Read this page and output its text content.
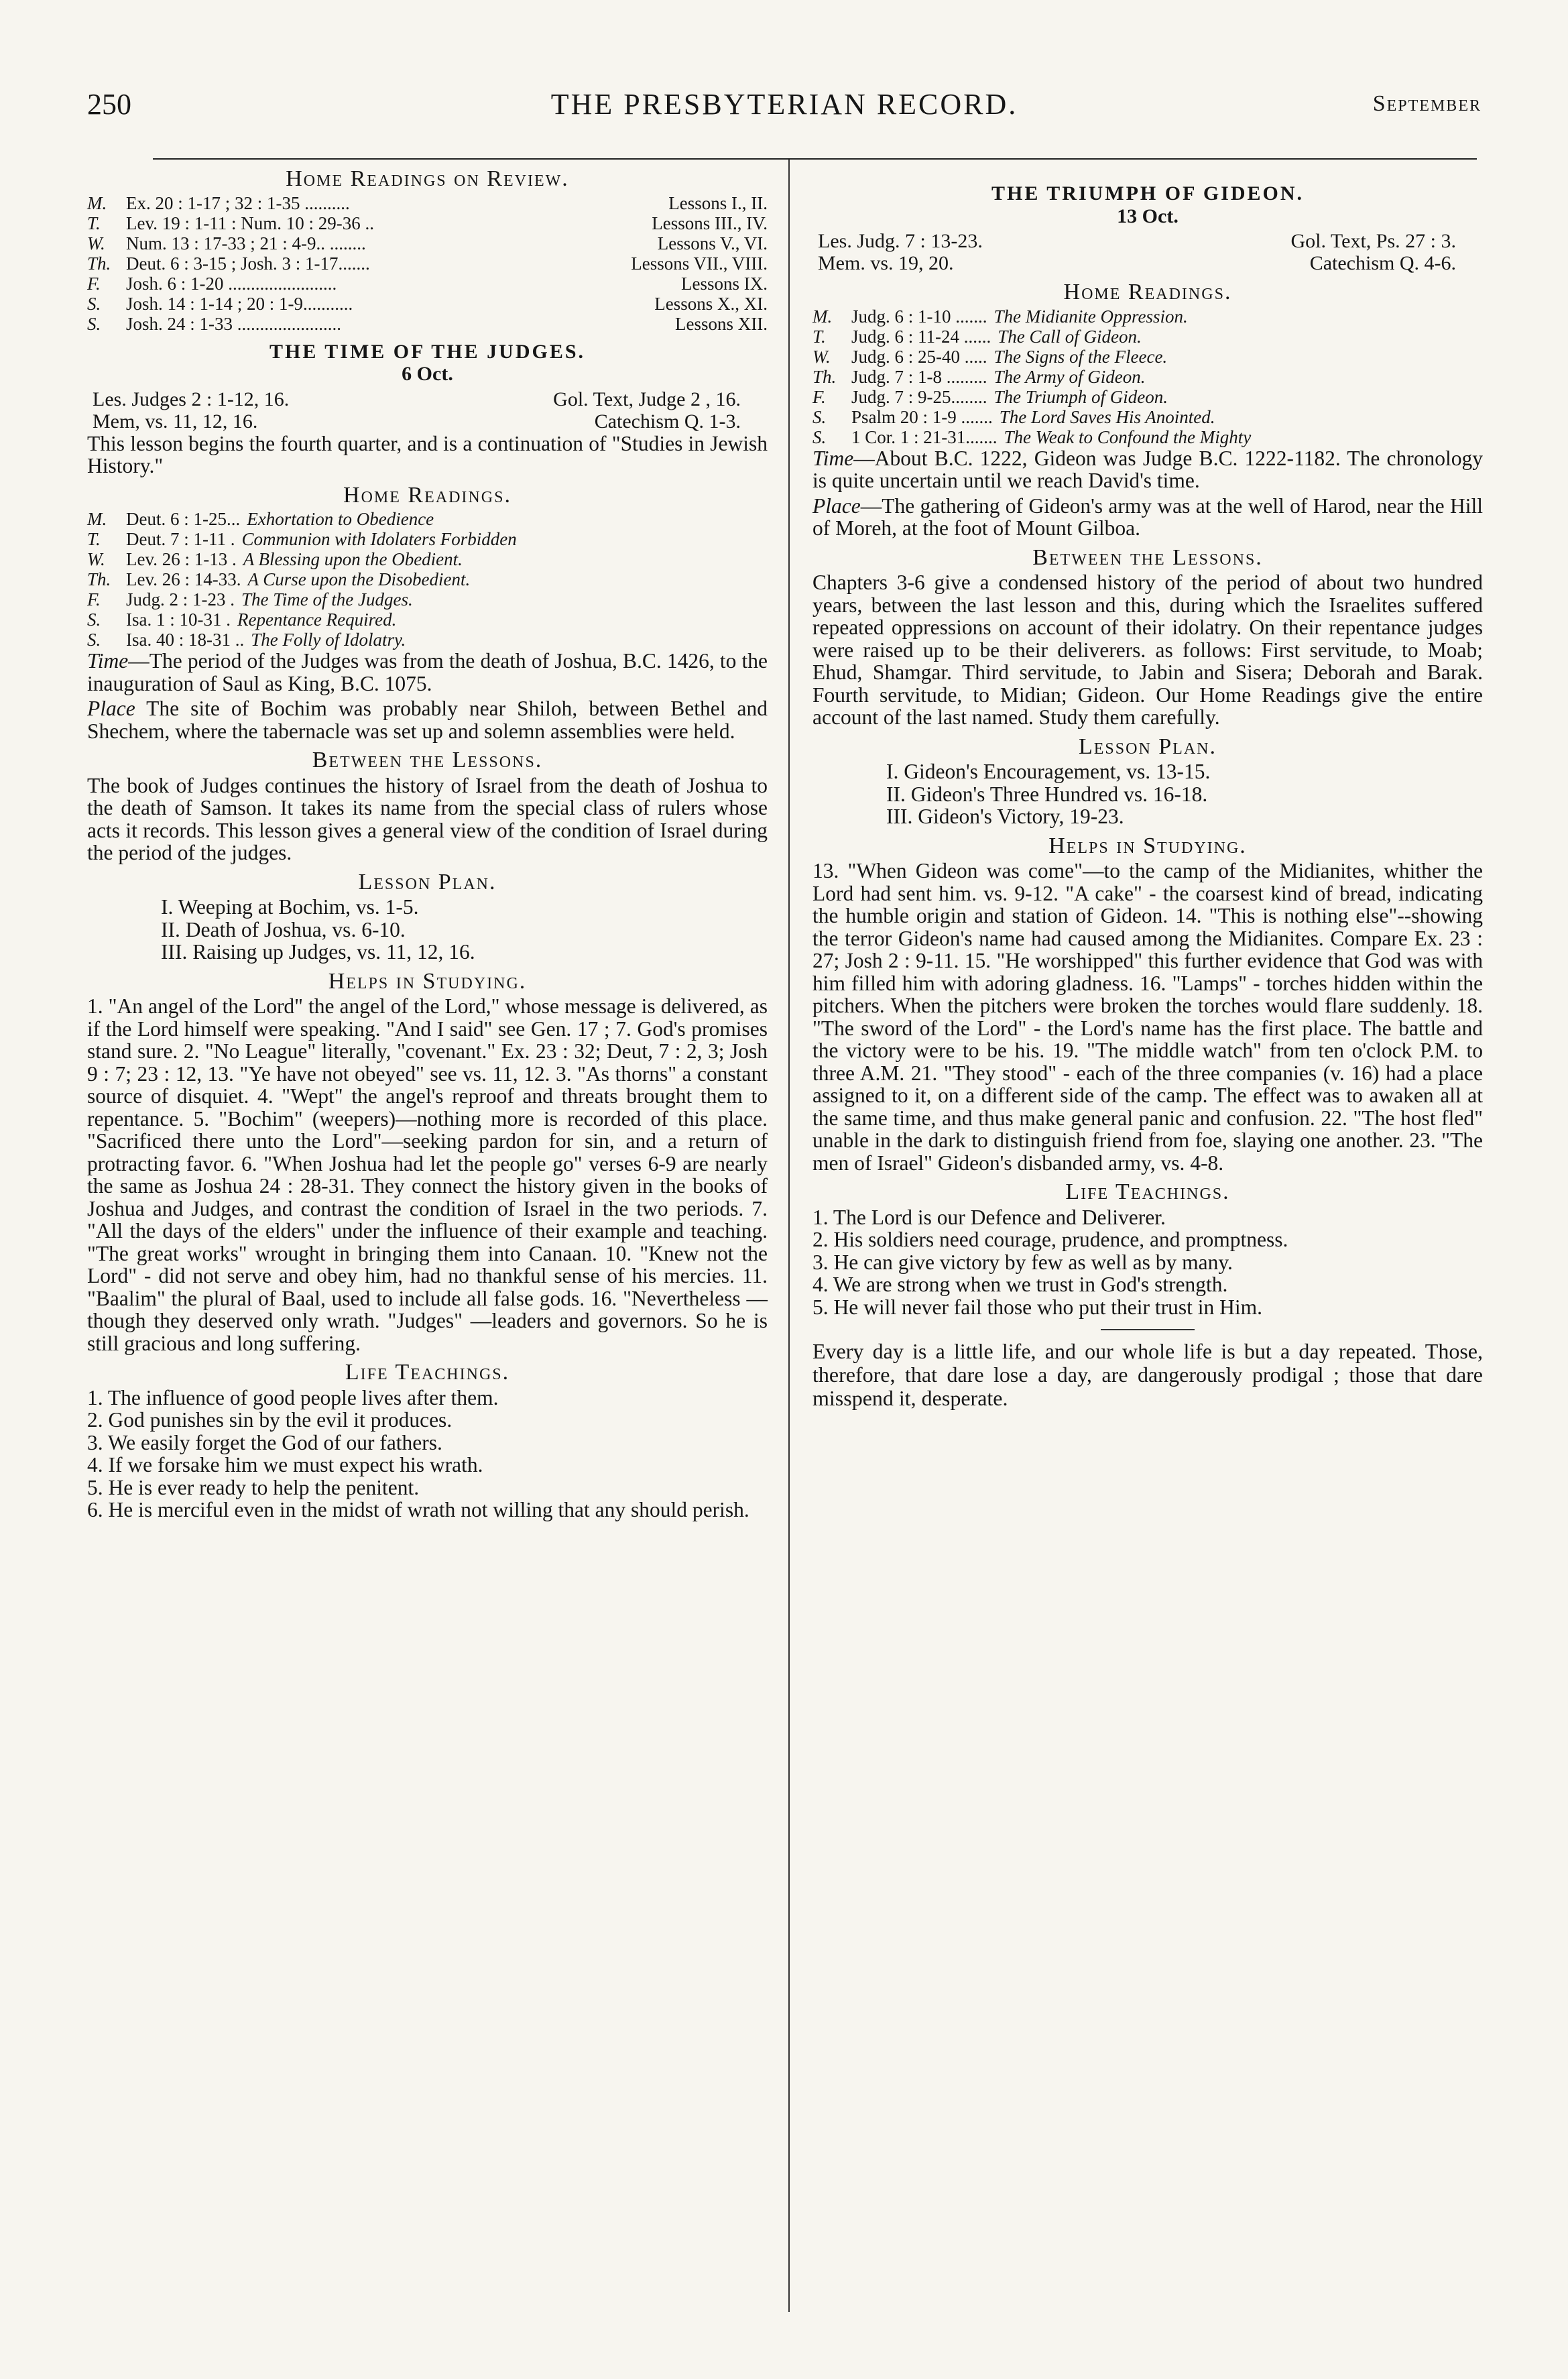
250	THE PRESBYTERIAN RECORD.	September
Home Readings on Review.
M.	Ex. 20 : 1-17 ; 32 : 1-35 ..........	Lessons I., II.
T.	Lev. 19 : 1-11 : Num. 10 : 29-36 ..	Lessons III., IV.
W.	Num. 13 : 17-33 ; 21 : 4-9.. ........	Lessons V., VI.
Th. Deut. 6 : 3-15 ; Josh. 3 : 1-17.......	Lessons VII., VIII.
F.	Josh. 6 : 1-20 ........................	Lessons IX.
S.	Josh. 14 : 1-14 ; 20 : 1-9...........	Lessons X., XI.
S.	Josh. 24 : 1-33 .......................	Lessons XII.
THE TIME OF THE JUDGES.
6 Oct.
Les. Judges 2 : 1-12, 16.	Gol. Text, Judge 2 , 16.
Mem, vs. 11, 12, 16.	Catechism Q. 1-3.

This lesson begins the fourth quarter, and is a continuation of "Studies in Jewish History."

Home Readings.
M.	Deut. 6 : 1-25... Exhortation to Obedience
T.	Deut. 7 : 1-11 . Communion with Idolaters Forbidden
W.	Lev. 26 : 1-13 . A Blessing upon the Obedient.
Th. Lev. 26 : 14-33. A Curse upon the Disobedient.
F.	Judg. 2 : 1-23 . The Time of the Judges.
S.	Isa. 1 : 10-31 . Repentance Required.
S.	Isa. 40 : 18-31 .. The Folly of Idolatry.

Time—The period of the Judges was from the death of Joshua, B.C. 1426, to the inauguration of Saul as King, B.C. 1075.

Place The site of Bochim was probably near Shiloh, between Bethel and Shechem, where the tabernacle was set up and solemn assemblies were held.

Between the Lessons.

The book of Judges continues the history of Israel from the death of Joshua to the death of Samson. It takes its name from the special class of rulers whose acts it records. This lesson gives a general view of the condition of Israel during the period of the judges.

Lesson Plan.
I. Weeping at Bochim, vs. 1-5.
II. Death of Joshua, vs. 6-10.
III. Raising up Judges, vs. 11, 12, 16.
Helps in Studying.

1. "An angel of the Lord" the angel of the Lord," whose message is delivered, as if the Lord himself were speaking. "And I said" see Gen. 17 ; 7. God's promises stand sure. 2. "No League" literally, "covenant." Ex. 23 : 32; Deut, 7 : 2, 3; Josh 9 : 7; 23 : 12, 13. "Ye have not obeyed" see vs. 11, 12. 3. "As thorns" a constant source of disquiet. 4. "Wept" the angel's reproof and threats brought them to repentance. 5. "Bochim" (weepers)—nothing more is recorded of this place. "Sacrificed there unto the Lord"—seeking pardon for sin, and a return of protracting favor. 6. "When Joshua had let the people go" verses 6-9 are nearly the same as Joshua 24 : 28-31. They connect the history given in the books of Joshua and Judges, and contrast the condition of Israel in the two periods. 7. "All the days of the elders" under the influence of their example and teaching. "The great works" wrought in bringing them into Canaan. 10. "Knew not the Lord" - did not serve and obey him, had no thankful sense of his mercies. 11. "Baalim" the plural of Baal, used to include all false gods. 16. "Nevertheless —though they deserved only wrath. "Judges" —leaders and governors. So he is still gracious and long suffering.

Life Teachings.
1. The influence of good people lives after them.
2. God punishes sin by the evil it produces.
3. We easily forget the God of our fathers.
4. If we forsake him we must expect his wrath.
5. He is ever ready to help the penitent.
6. He is merciful even in the midst of wrath not willing that any should perish.
THE TRIUMPH OF GIDEON.
13 Oct.
Les. Judg. 7 : 13-23.	Gol. Text, Ps. 27 : 3.
Mem. vs. 19, 20.	Catechism Q. 4-6.
Home Readings.
M.	Judg. 6 : 1-10 ....... The Midianite Oppression.
T.	Judg. 6 : 11-24 ...... The Call of Gideon.
W.	Judg. 6 : 25-40 ..... The Signs of the Fleece.
Th. Judg. 7 : 1-8 ......... The Army of Gideon.
F.	Judg. 7 : 9-25........ The Triumph of Gideon.
S.	Psalm 20 : 1-9 ....... The Lord Saves His Anointed.
S.	1 Cor. 1 : 21-31....... The Weak to Confound the Mighty

Time—About B.C. 1222, Gideon was Judge B.C. 1222-1182. The chronology is quite uncertain until we reach David's time.

Place—The gathering of Gideon's army was at the well of Harod, near the Hill of Moreh, at the foot of Mount Gilboa.

Between the Lessons.

Chapters 3-6 give a condensed history of the period of about two hundred years, between the last lesson and this, during which the Israelites suffered repeated oppressions on account of their idolatry. On their repentance judges were raised up to be their deliverers. as follows: First servitude, to Moab; Ehud, Shamgar. Third servitude, to Jabin and Sisera; Deborah and Barak. Fourth servitude, to Midian; Gideon. Our Home Readings give the entire account of the last named. Study them carefully.

Lesson Plan.
I. Gideon's Encouragement, vs. 13-15.
II. Gideon's Three Hundred vs. 16-18.
III. Gideon's Victory, 19-23.
Helps in Studying.

13. "When Gideon was come"—to the camp of the Midianites, whither the Lord had sent him. vs. 9-12. "A cake" - the coarsest kind of bread, indicating the humble origin and station of Gideon. 14. "This is nothing else"--showing the terror Gideon's name had caused among the Midianites. Compare Ex. 23 : 27; Josh 2 : 9-11. 15. "He worshipped" this further evidence that God was with him filled him with adoring gladness. 16. "Lamps" - torches hidden within the pitchers. When the pitchers were broken the torches would flare suddenly. 18. "The sword of the Lord" - the Lord's name has the first place. The battle and the victory were to be his. 19. "The middle watch" from ten o'clock P.M. to three A.M. 21. "They stood" - each of the three companies (v. 16) had a place assigned to it, on a different side of the camp. The effect was to awaken all at the same time, and thus make general panic and confusion. 22. "The host fled" unable in the dark to distinguish friend from foe, slaying one another. 23. "The men of Israel" Gideon's disbanded army, vs. 4-8.

Life Teachings.
1. The Lord is our Defence and Deliverer.
2. His soldiers need courage, prudence, and promptness.
3. He can give victory by few as well as by many.
4. We are strong when we trust in God's strength.
5. He will never fail those who put their trust in Him.

Every day is a little life, and our whole life is but a day repeated. Those, therefore, that dare lose a day, are dangerously prodigal ; those that dare misspend it, desperate.
